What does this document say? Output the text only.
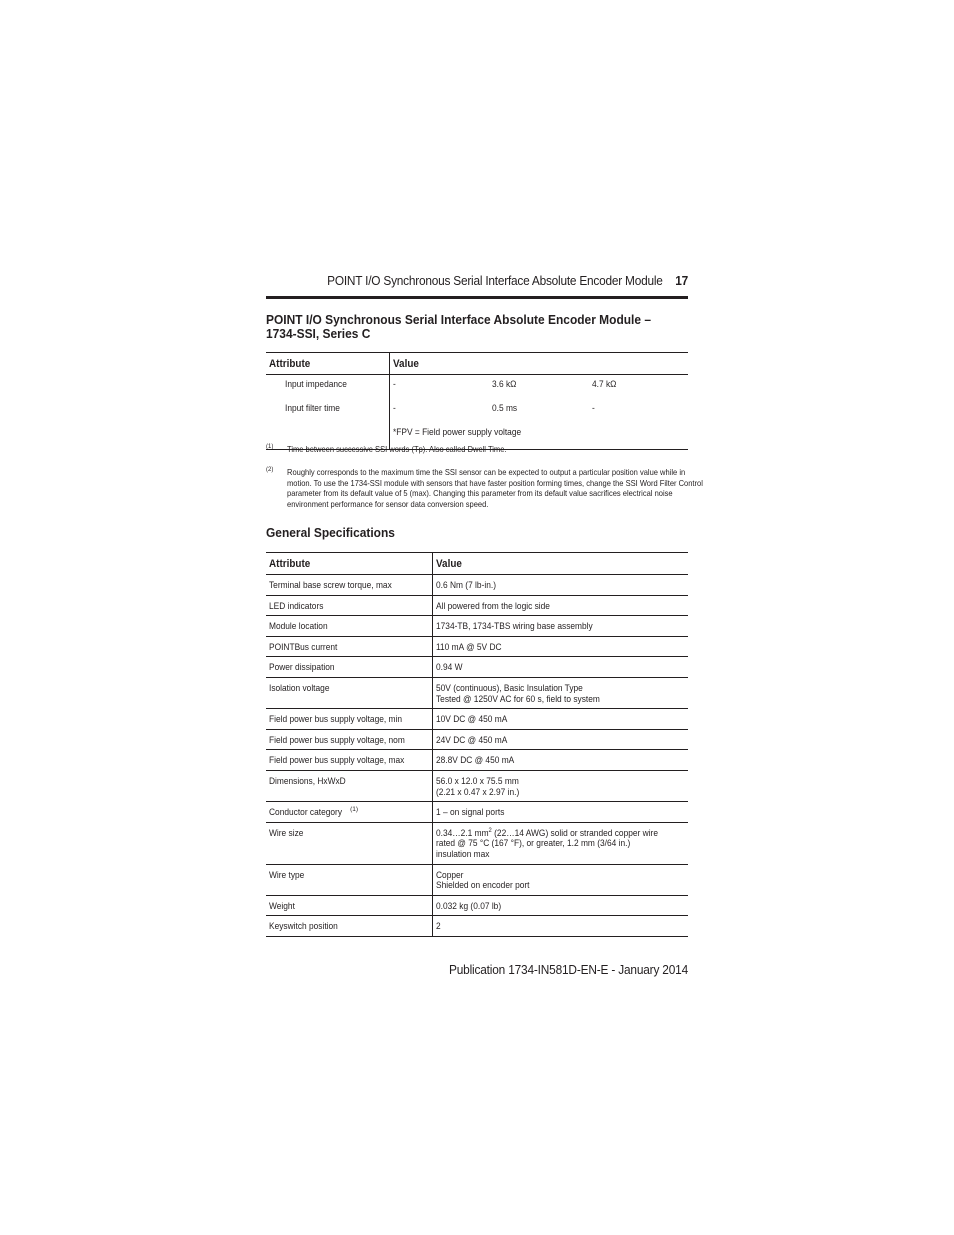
POINT I/O Synchronous Serial Interface Absolute Encoder Module 17
POINT I/O Synchronous Serial Interface Absolute Encoder Module –
1734-SSI, Series C
Attribute	Value		
Input impedance	-	3.6 kΩ	4.7 kΩ
Input filter time	-	0.5 ms	-
	*FPV = Field power supply voltage		
(1) Time between successive SSI words (Tp). Also called Dwell Time.
(2) Roughly corresponds to the maximum time the SSI sensor can be expected to output a particular position value while in motion. To use the 1734-SSI module with sensors that have faster position forming times, change the SSI Word Filter Control parameter from its default value of 5 (max). Changing this parameter from its default value sacrifices electrical noise environment performance for sensor data conversion speed.
General Specifications
Attribute	Value
Terminal base screw torque, max	0.6 Nm (7 lb-in.)

LED indicators	All powered from the logic side

Module location	1734-TB, 1734-TBS wiring base assembly

POINTBus current	110 mA @ 5V DC

Power dissipation	0.94 W

Isolation voltage	50V (continuous), Basic Insulation Type
Tested @ 1250V AC for 60 s, field to system

Field power bus supply voltage, min	10V DC @ 450 mA

Field power bus supply voltage, nom	24V DC @ 450 mA

Field power bus supply voltage, max	28.8V DC @ 450 mA

Dimensions, HxWxD	56.0 x 12.0 x 75.5 mm
(2.21 x 0.47 x 2.97 in.)

Conductor category $^{(1)}$	1 – on signal ports

Wire size	0.34…2.1 $mm^2$ (22…14 AWG) solid or stranded copper wire
rated @ 75 °C (167 °F), or greater, 1.2 mm (3/64 in.)
insulation max

Wire type	Copper
Shielded on encoder port

Weight	0.032 kg (0.07 lb)

Keyswitch position	2
Publication 1734-IN581D-EN-E - January 2014
